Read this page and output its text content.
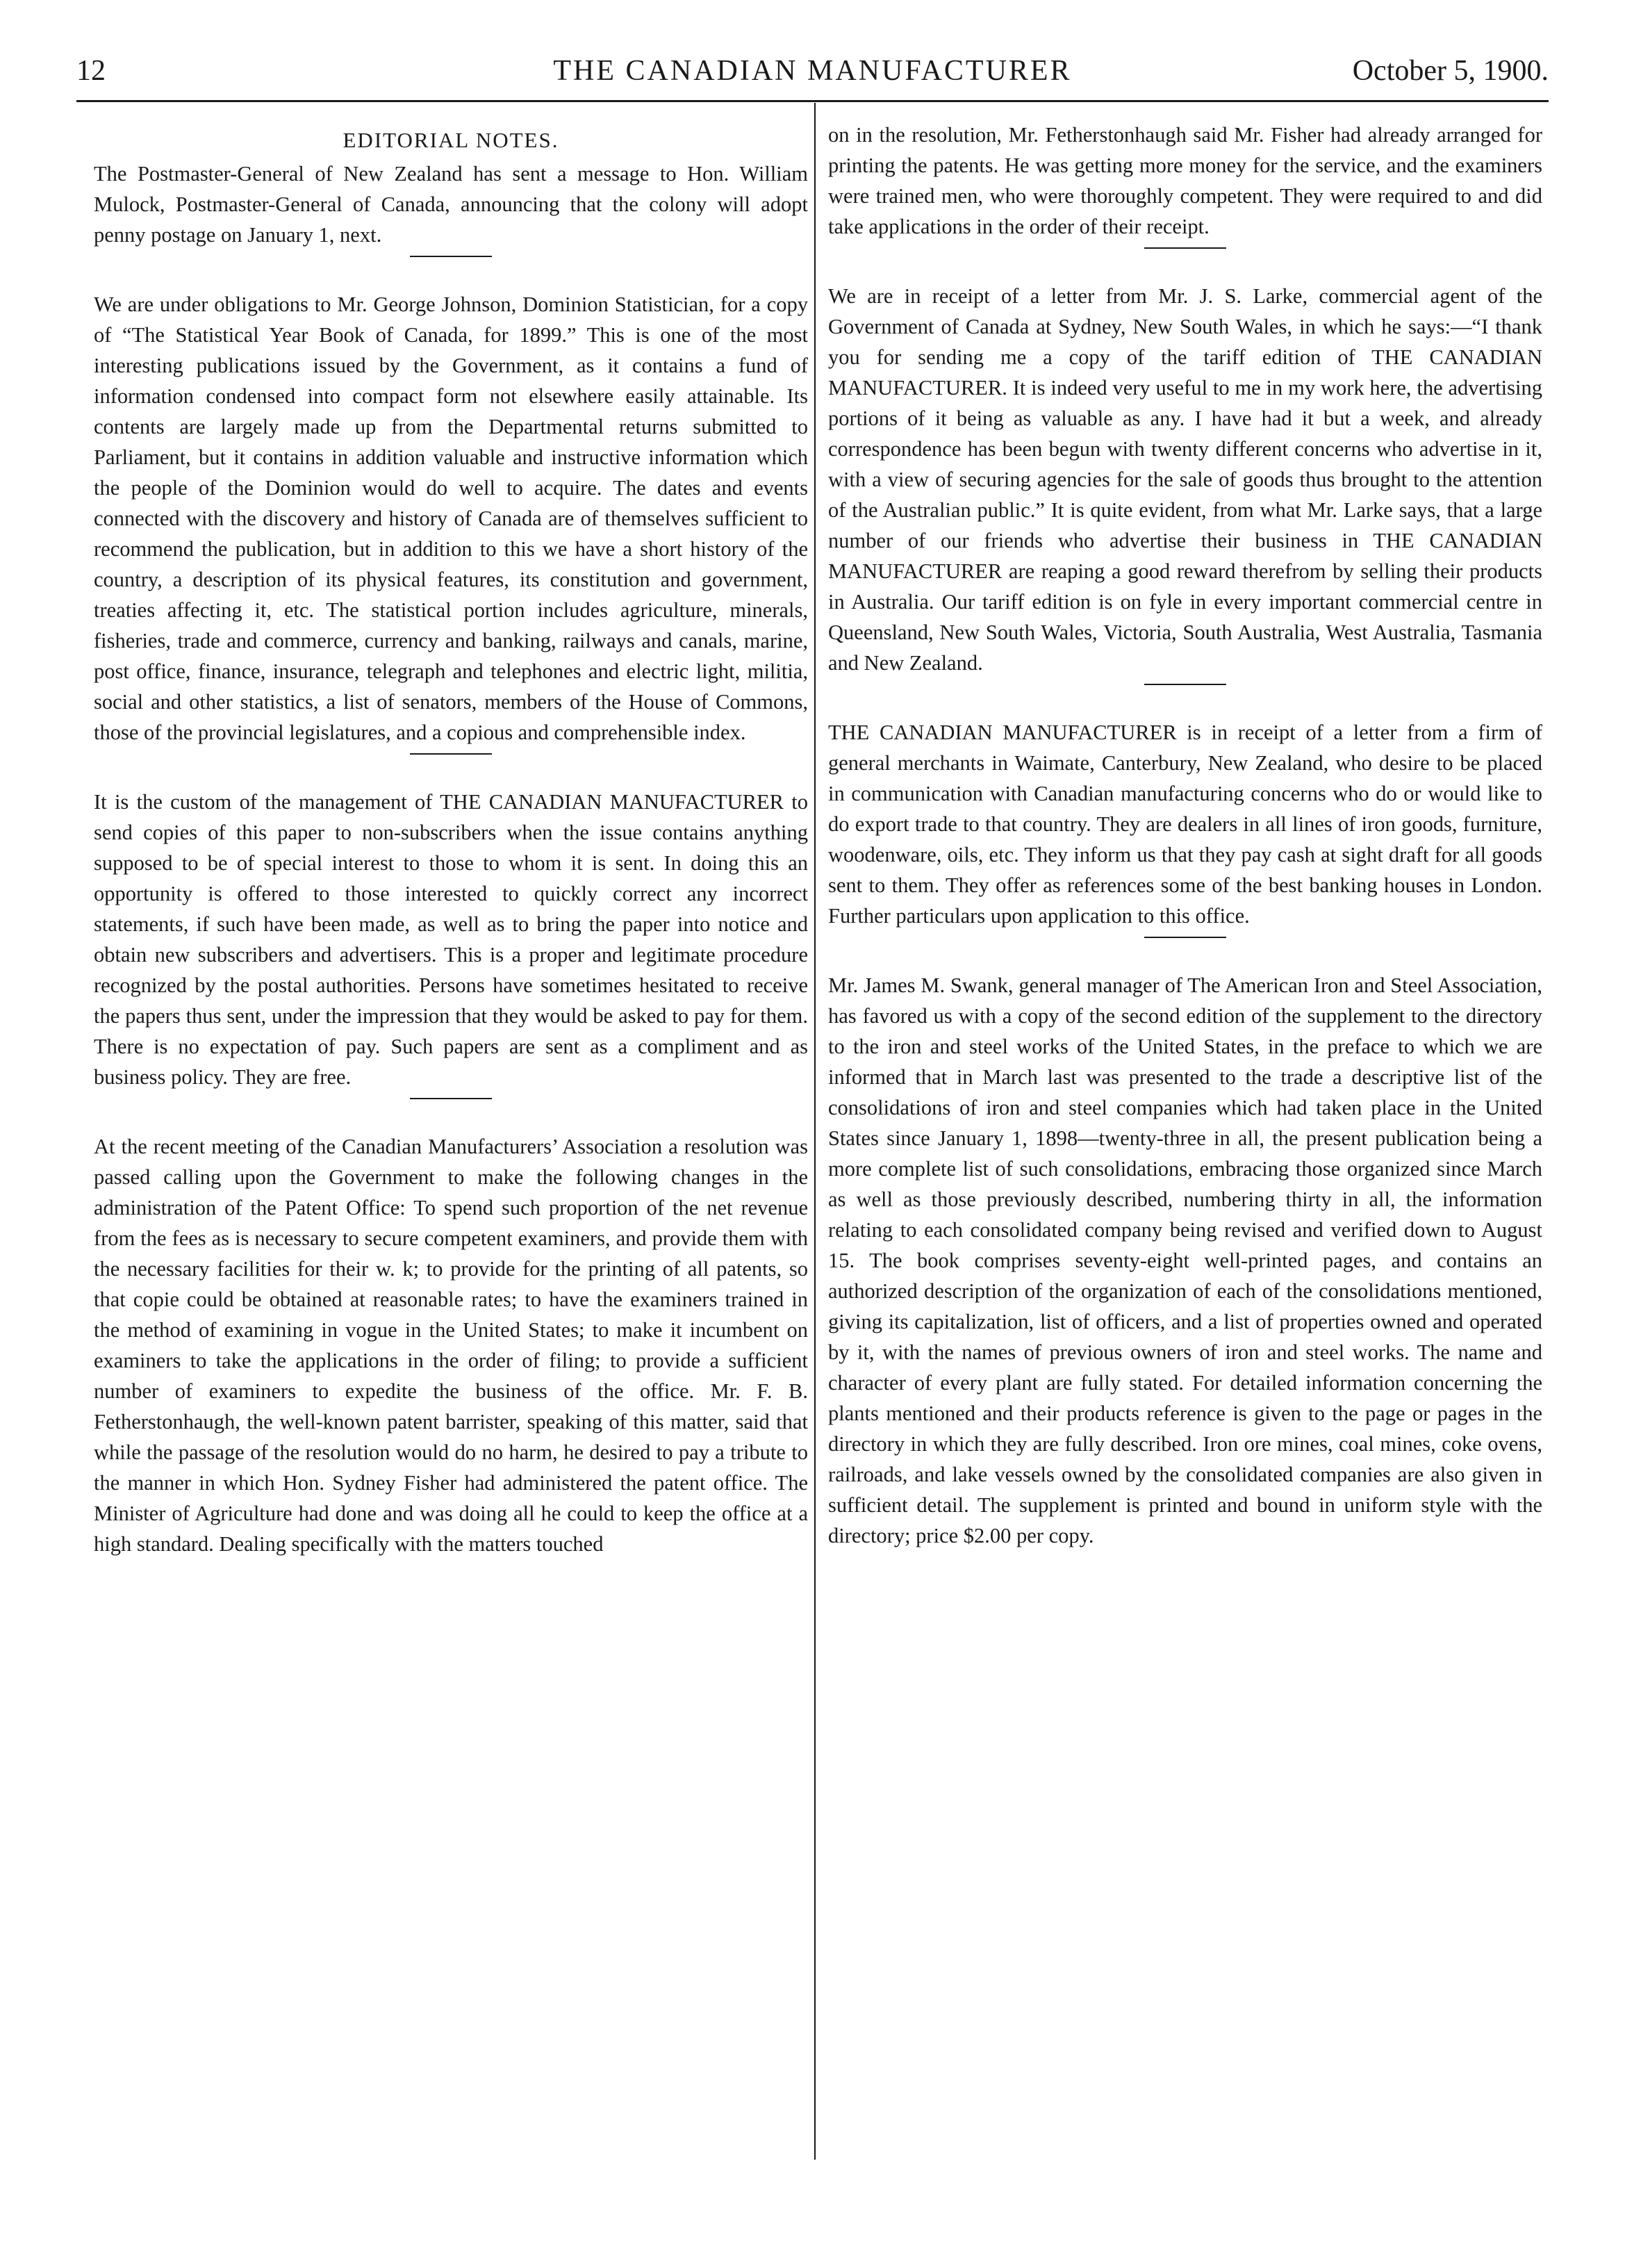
12	THE CANADIAN MANUFACTURER	October 5, 1900.
EDITORIAL NOTES.

The Postmaster-General of New Zealand has sent a message to Hon. William Mulock, Postmaster-General of Canada, announcing that the colony will adopt penny postage on January 1, next.

We are under obligations to Mr. George Johnson, Dominion Statistician, for a copy of “The Statistical Year Book of Canada, for 1899.” This is one of the most interesting publications issued by the Government, as it contains a fund of information condensed into compact form not elsewhere easily attainable. Its contents are largely made up from the Departmental returns submitted to Parliament, but it contains in addition valuable and instructive information which the people of the Dominion would do well to acquire. The dates and events connected with the discovery and history of Canada are of themselves sufficient to recommend the publication, but in addition to this we have a short history of the country, a description of its physical features, its constitution and government, treaties affecting it, etc. The statistical portion includes agriculture, minerals, fisheries, trade and commerce, currency and banking, railways and canals, marine, post office, finance, insurance, telegraph and telephones and electric light, militia, social and other statistics, a list of senators, members of the House of Commons, those of the provincial legislatures, and a copious and comprehensible index.

It is the custom of the management of THE CANADIAN MANUFACTURER to send copies of this paper to non-subscribers when the issue contains anything supposed to be of special interest to those to whom it is sent. In doing this an opportunity is offered to those interested to quickly correct any incorrect statements, if such have been made, as well as to bring the paper into notice and obtain new subscribers and advertisers. This is a proper and legitimate procedure recognized by the postal authorities. Persons have sometimes hesitated to receive the papers thus sent, under the impression that they would be asked to pay for them. There is no expectation of pay. Such papers are sent as a compliment and as business policy. They are free.

At the recent meeting of the Canadian Manufacturers’ Association a resolution was passed calling upon the Government to make the following changes in the administration of the Patent Office: To spend such proportion of the net revenue from the fees as is necessary to secure competent examiners, and provide them with the necessary facilities for their w. k; to provide for the printing of all patents, so that copie could be obtained at reasonable rates; to have the examiners trained in the method of examining in vogue in the United States; to make it incumbent on examiners to take the applications in the order of filing; to provide a sufficient number of examiners to expedite the business of the office. Mr. F. B. Fetherstonhaugh, the well-known patent barrister, speaking of this matter, said that while the passage of the resolution would do no harm, he desired to pay a tribute to the manner in which Hon. Sydney Fisher had administered the patent office. The Minister of Agriculture had done and was doing all he could to keep the office at a high standard. Dealing specifically with the matters touched

on in the resolution, Mr. Fetherstonhaugh said Mr. Fisher had already arranged for printing the patents. He was getting more money for the service, and the examiners were trained men, who were thoroughly competent. They were required to and did take applications in the order of their receipt.

We are in receipt of a letter from Mr. J. S. Larke, commercial agent of the Government of Canada at Sydney, New South Wales, in which he says:—“I thank you for sending me a copy of the tariff edition of THE CANADIAN MANUFACTURER. It is indeed very useful to me in my work here, the advertising portions of it being as valuable as any. I have had it but a week, and already correspondence has been begun with twenty different concerns who advertise in it, with a view of securing agencies for the sale of goods thus brought to the attention of the Australian public.” It is quite evident, from what Mr. Larke says, that a large number of our friends who advertise their business in THE CANADIAN MANUFACTURER are reaping a good reward therefrom by selling their products in Australia. Our tariff edition is on fyle in every important commercial centre in Queensland, New South Wales, Victoria, South Australia, West Australia, Tasmania and New Zealand.

THE CANADIAN MANUFACTURER is in receipt of a letter from a firm of general merchants in Waimate, Canterbury, New Zealand, who desire to be placed in communication with Canadian manufacturing concerns who do or would like to do export trade to that country. They are dealers in all lines of iron goods, furniture, woodenware, oils, etc. They inform us that they pay cash at sight draft for all goods sent to them. They offer as references some of the best banking houses in London. Further particulars upon application to this office.

Mr. James M. Swank, general manager of The American Iron and Steel Association, has favored us with a copy of the second edition of the supplement to the directory to the iron and steel works of the United States, in the preface to which we are informed that in March last was presented to the trade a descriptive list of the consolidations of iron and steel companies which had taken place in the United States since January 1, 1898—twenty-three in all, the present publication being a more complete list of such consolidations, embracing those organized since March as well as those previously described, numbering thirty in all, the information relating to each consolidated company being revised and verified down to August 15. The book comprises seventy-eight well-printed pages, and contains an authorized description of the organization of each of the consolidations mentioned, giving its capitalization, list of officers, and a list of properties owned and operated by it, with the names of previous owners of iron and steel works. The name and character of every plant are fully stated. For detailed information concerning the plants mentioned and their products reference is given to the page or pages in the directory in which they are fully described. Iron ore mines, coal mines, coke ovens, railroads, and lake vessels owned by the consolidated companies are also given in sufficient detail. The supplement is printed and bound in uniform style with the directory; price $2.00 per copy.
